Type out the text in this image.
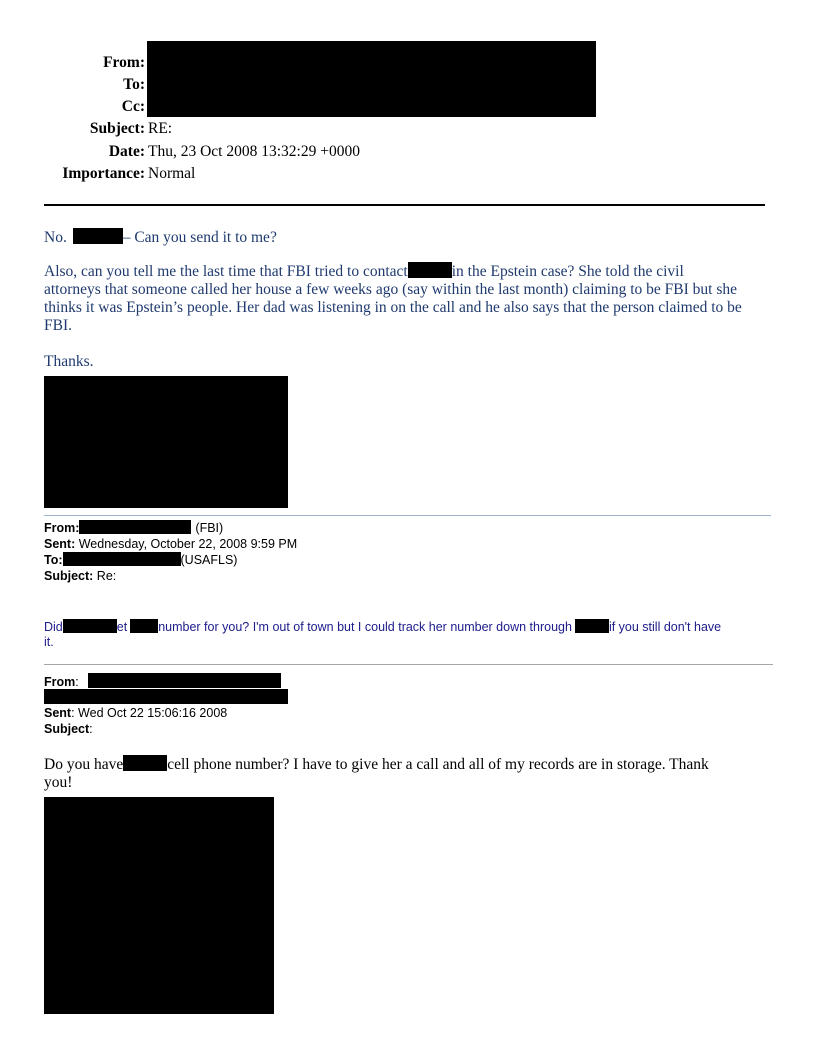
From:
To:
Cc:
Subject: RE:
Date: Thu, 23 Oct 2008 13:32:29 +0000
Importance: Normal
No.	– Can you send it to me?
Also, can you tell me the last time that FBI tried to contact	in the Epstein case? She told the civil
attorneys that someone called her house a few weeks ago (say within the last month) claiming to be FBI but she
thinks it was Epstein’s people. Her dad was listening in on the call and he also says that the person claimed to be
FBI.
Thanks.
From:	(FBI)
Sent: Wednesday, October 22, 2008 9:59 PM
To:	(USAFLS)
Subject: Re:
Did	et number for you? I'm out of town but I could track her number down through	if you still don't have
it.
From:
Sent: Wed Oct 22 15:06:16 2008
Subject:
Do you have	cell phone number? I have to give her a call and all of my records are in storage. Thank
you!
